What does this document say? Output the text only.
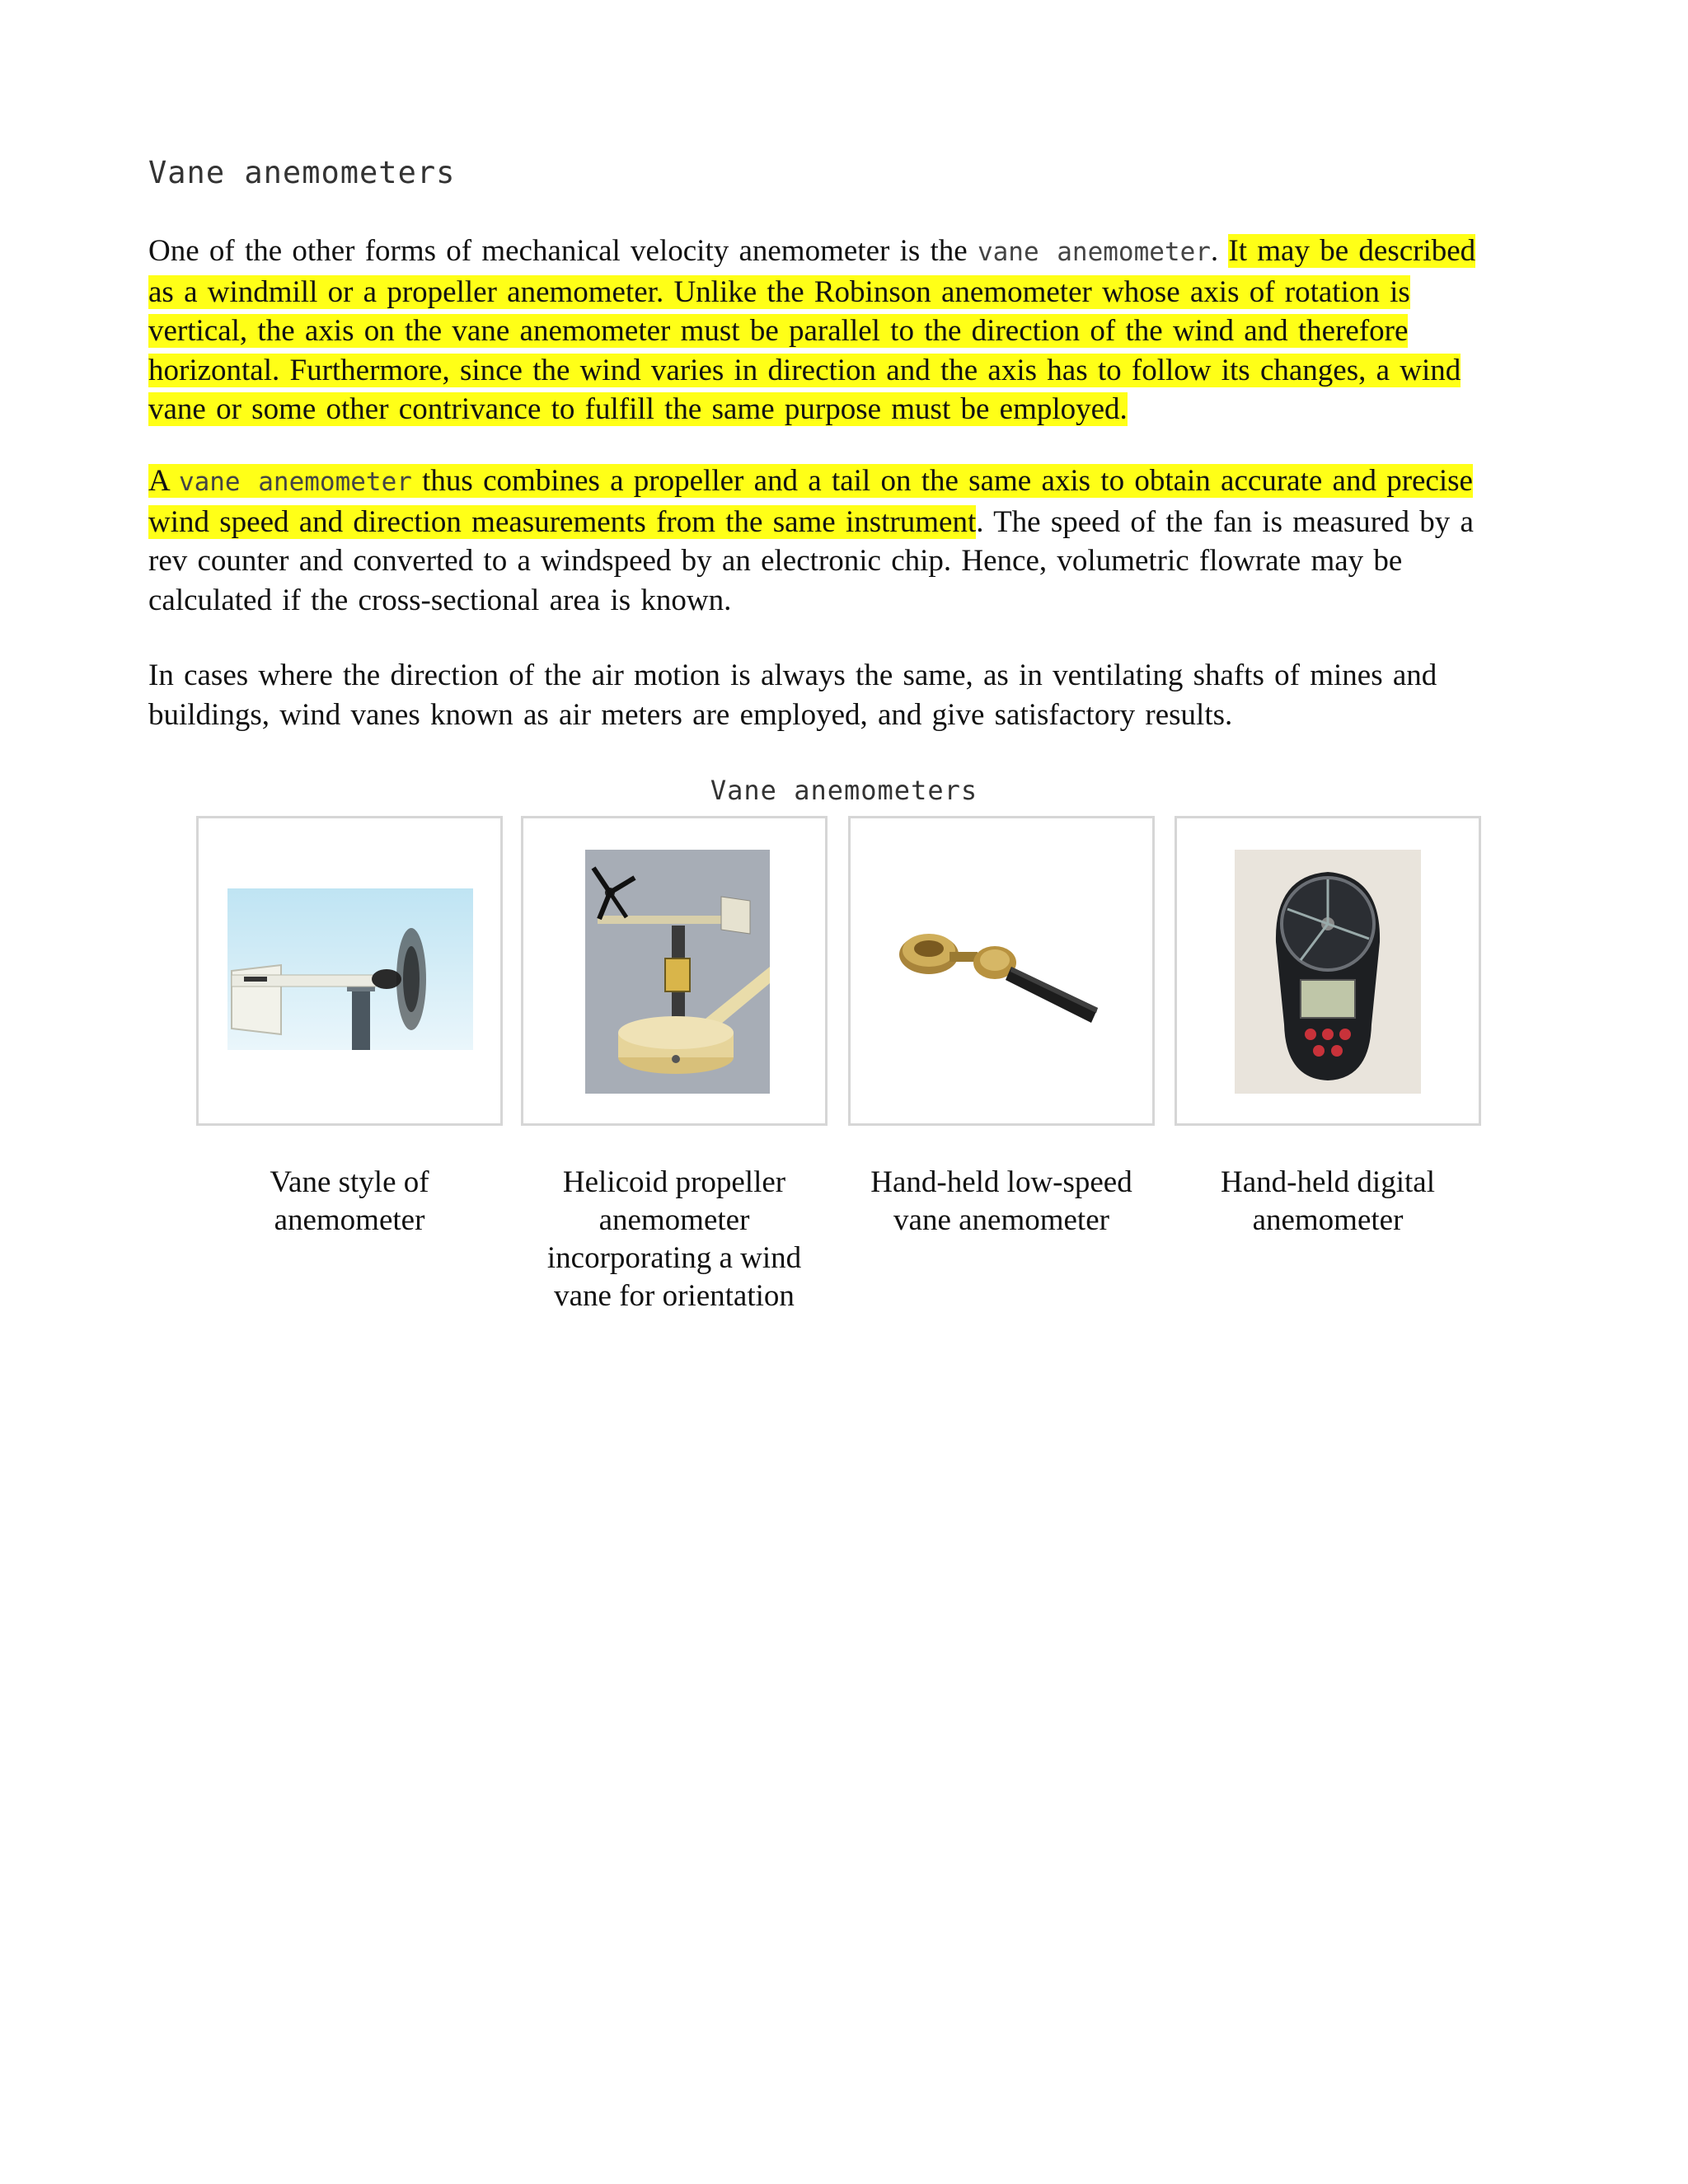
Vane anemometers
One of the other forms of mechanical velocity anemometer is the vane anemometer. It may be described
as a windmill or a propeller anemometer. Unlike the Robinson anemometer whose axis of rotation is
vertical, the axis on the vane anemometer must be parallel to the direction of the wind and therefore
horizontal. Furthermore, since the wind varies in direction and the axis has to follow its changes, a wind
vane or some other contrivance to fulfill the same purpose must be employed.
A vane anemometer thus combines a propeller and a tail on the same axis to obtain accurate and precise
wind speed and direction measurements from the same instrument. The speed of the fan is measured by a
rev counter and converted to a windspeed by an electronic chip. Hence, volumetric flowrate may be
calculated if the cross-sectional area is known.
In cases where the direction of the air motion is always the same, as in ventilating shafts of mines and
buildings, wind vanes known as air meters are employed, and give satisfactory results.
Vane anemometers
Vane style of
anemometer
Helicoid propeller
anemometer
incorporating a wind
vane for orientation
Hand-held low-speed
vane anemometer
Hand-held digital
anemometer
